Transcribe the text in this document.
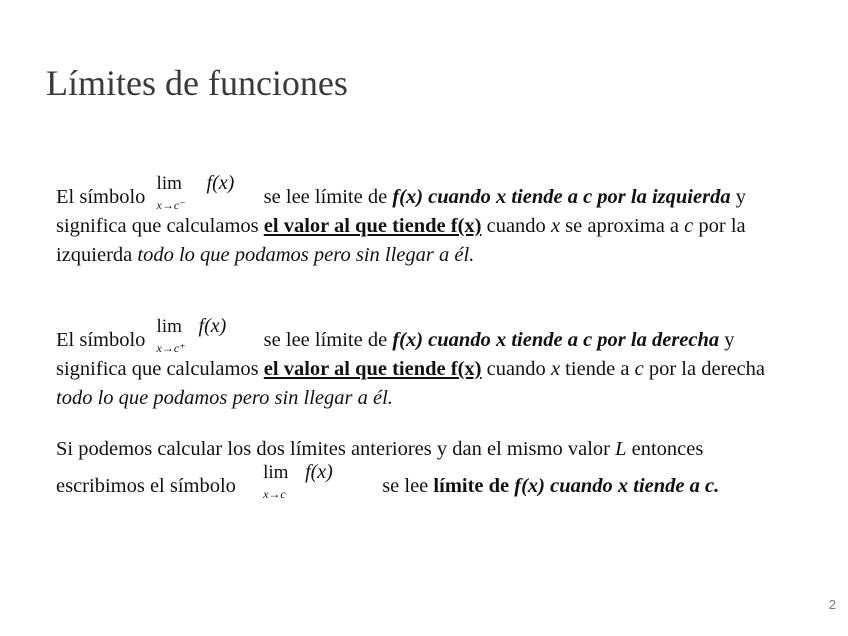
Límites de funciones
El símbolo
lim
x→c⁻
f(x)
se lee límite de f(x) cuando x tiende a c por la izquierda y significa que calculamos el valor al que tiende f(x) cuando x se aproxima a c por la izquierda todo lo que podamos pero sin llegar a él.
El símbolo
lim
x→c⁺
f(x)
se lee límite de f(x) cuando x tiende a c por la derecha y significa que calculamos el valor al que tiende f(x) cuando x tiende a c por la derecha todo lo que podamos pero sin llegar a él.
Si podemos calcular los dos límites anteriores y dan el mismo valor L entonces escribimos el símbolo
lim
x→c
f(x)
se lee límite de f(x) cuando x tiende a c.
2
